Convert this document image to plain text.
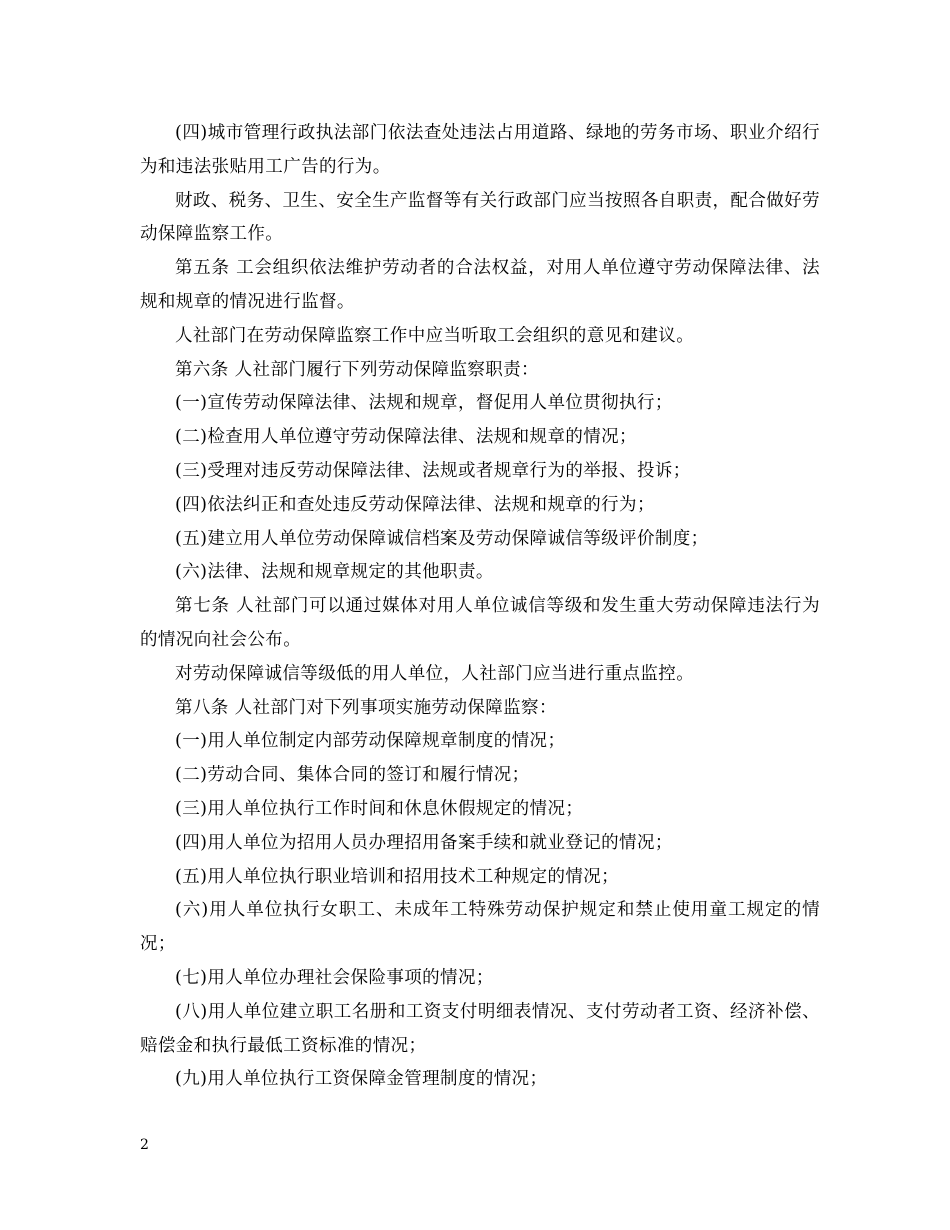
(四)城市管理行政执法部门依法查处违法占用道路、绿地的劳务市场、职业介绍行为和违法张贴用工广告的行为。

财政、税务、卫生、安全生产监督等有关行政部门应当按照各自职责，配合做好劳动保障监察工作。

第五条 工会组织依法维护劳动者的合法权益，对用人单位遵守劳动保障法律、法规和规章的情况进行监督。

人社部门在劳动保障监察工作中应当听取工会组织的意见和建议。

第六条 人社部门履行下列劳动保障监察职责：

(一)宣传劳动保障法律、法规和规章，督促用人单位贯彻执行；

(二)检查用人单位遵守劳动保障法律、法规和规章的情况；

(三)受理对违反劳动保障法律、法规或者规章行为的举报、投诉；

(四)依法纠正和查处违反劳动保障法律、法规和规章的行为；

(五)建立用人单位劳动保障诚信档案及劳动保障诚信等级评价制度；

(六)法律、法规和规章规定的其他职责。

第七条 人社部门可以通过媒体对用人单位诚信等级和发生重大劳动保障违法行为的情况向社会公布。

对劳动保障诚信等级低的用人单位，人社部门应当进行重点监控。

第八条 人社部门对下列事项实施劳动保障监察：

(一)用人单位制定内部劳动保障规章制度的情况；

(二)劳动合同、集体合同的签订和履行情况；

(三)用人单位执行工作时间和休息休假规定的情况；

(四)用人单位为招用人员办理招用备案手续和就业登记的情况；

(五)用人单位执行职业培训和招用技术工种规定的情况；

(六)用人单位执行女职工、未成年工特殊劳动保护规定和禁止使用童工规定的情况；

(七)用人单位办理社会保险事项的情况；

(八)用人单位建立职工名册和工资支付明细表情况、支付劳动者工资、经济补偿、赔偿金和执行最低工资标准的情况；

(九)用人单位执行工资保障金管理制度的情况；

2
